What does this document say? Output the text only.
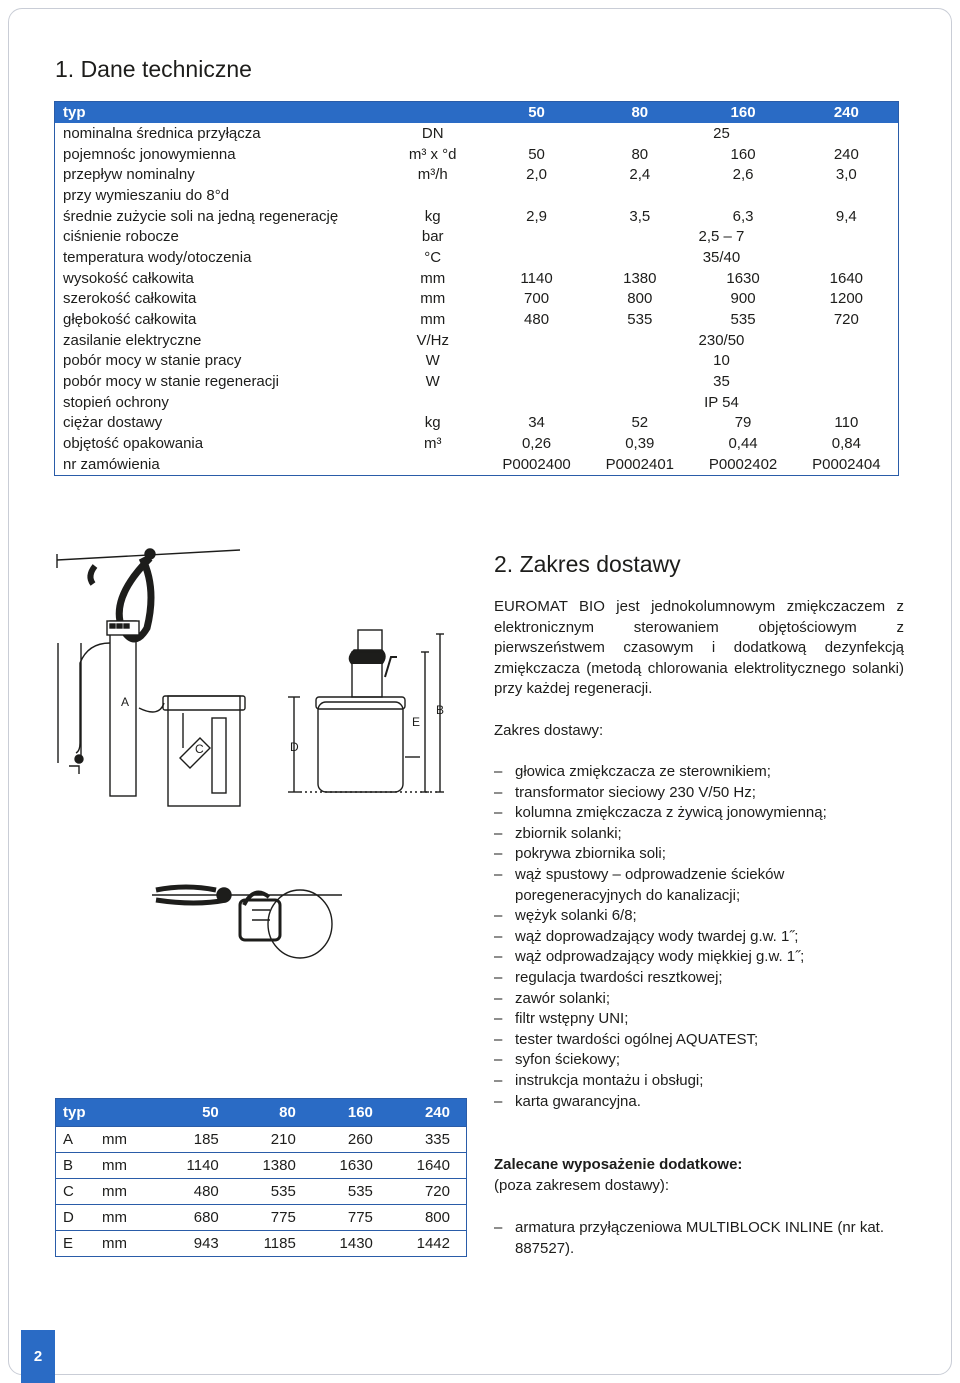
1. Dane techniczne
typ		50	80	160	240
nominalna średnica przyłącza	DN	25			
pojemnośc jonowymienna	m³ x °d	50	80	160	240
przepływ nominalny	m³/h	2,0	2,4	2,6	3,0
przy wymieszaniu do 8°d					
średnie zużycie soli na jedną regenerację	kg	2,9	3,5	6,3	9,4
ciśnienie robocze	bar	2,5 – 7			
temperatura wody/otoczenia	°C	35/40			
wysokość całkowita	mm	1140	1380	1630	1640
szerokość całkowita	mm	700	800	900	1200
głębokość całkowita	mm	480	535	535	720
zasilanie elektryczne	V/Hz	230/50			
pobór mocy w stanie pracy	W	10			
pobór mocy w stanie regeneracji	W	35			
stopień ochrony		IP 54			
ciężar dostawy	kg	34	52	79	110
objętość opakowania	m³	0,26	0,39	0,44	0,84
nr zamówienia		P0002400	P0002401	P0002402	P0002404
A
C	D
E
B
typ		50	80	160	240
A	mm	185	210	260	335
B	mm	1140	1380	1630	1640
C	mm	480	535	535	720
D	mm	680	775	775	800
E	mm	943	1185	1430	1442
2. Zakres dostawy
EUROMAT BIO jest jednokolumnowym zmiękczaczem z elektronicznym sterowaniem objętościowym z pierwszeństwem czasowym i dodatkową dezynfekcją zmiękczacza (metodą chlorowania elektrolitycznego solanki) przy każdej regeneracji.
Zakres dostawy:
– głowica zmiękczacza ze sterownikiem;
– transformator sieciowy 230 V/50 Hz;
– kolumna zmiękczacza z żywicą jonowymienną;
– zbiornik solanki;
– pokrywa zbiornika soli;
– wąż spustowy – odprowadzenie ścieków poregeneracyjnych do kanalizacji;
– wężyk solanki 6/8;
– wąż doprowadzający wody twardej g.w. 1˝;
– wąż odprowadzający wody miękkiej g.w. 1˝;
– regulacja twardości resztkowej;
– zawór solanki;
– filtr wstępny UNI;
– tester twardości ogólnej AQUATEST;
– syfon ściekowy;
– instrukcja montażu i obsługi;
– karta gwarancyjna.
Zalecane wyposażenie dodatkowe:
(poza zakresem dostawy):
– armatura przyłączeniowa MULTIBLOCK INLINE (nr kat. 887527).
2
